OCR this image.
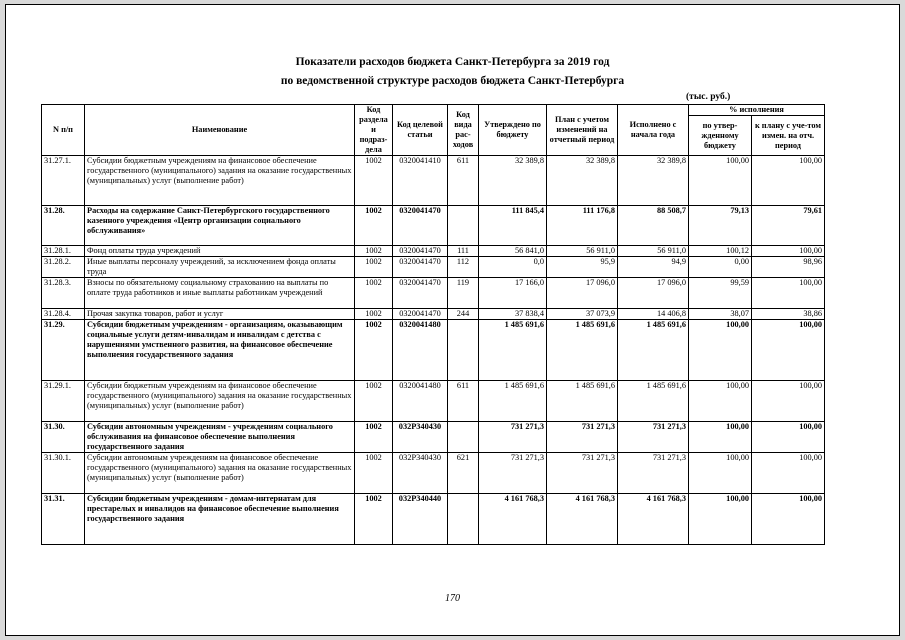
Показатели расходов бюджета Санкт-Петербурга за 2019 год
по ведомственной структуре расходов бюджета Санкт-Петербурга
(тыс. руб.)
N п/п	Наименование	Код раздела и подраз-дела	Код целевой статьи	Код вида рас-ходов	Утверждено по бюджету	План с учетом изменений на отчетный период	Исполнено с начала года	% исполнения	
								по утвер-жденному бюджету	к плану с уче-том измен. на отч. период
31.27.1.	Субсидии бюджетным учреждениям на финансовое обеспечение государственного (муниципального) задания на оказание государственных (муниципальных) услуг (выполнение работ)	1002	0320041410	611	32 389,8	32 389,8	32 389,8	100,00	100,00
31.28.	Расходы на содержание Санкт-Петербургского государственного казенного учреждения «Центр организации социального обслуживания»	1002	0320041470		111 845,4	111 176,8	88 508,7	79,13	79,61
31.28.1.	Фонд оплаты труда учреждений	1002	0320041470	111	56 841,0	56 911,0	56 911,0	100,12	100,00
31.28.2.	Иные выплаты персоналу учреждений, за исключением фонда оплаты труда	1002	0320041470	112	0,0	95,9	94,9	0,00	98,96
31.28.3.	Взносы по обязательному социальному страхованию на выплаты по оплате труда работников и иные выплаты работникам учреждений	1002	0320041470	119	17 166,0	17 096,0	17 096,0	99,59	100,00
31.28.4.	Прочая закупка товаров, работ и услуг	1002	0320041470	244	37 838,4	37 073,9	14 406,8	38,07	38,86
31.29.	Субсидии бюджетным учреждениям - организациям, оказывающим социальные услуги детям-инвалидам и инвалидам с детства с нарушениями умственного развития, на финансовое обеспечение выполнения государственного задания	1002	0320041480		1 485 691,6	1 485 691,6	1 485 691,6	100,00	100,00
31.29.1.	Субсидии бюджетным учреждениям на финансовое обеспечение государственного (муниципального) задания на оказание государственных (муниципальных) услуг (выполнение работ)	1002	0320041480	611	1 485 691,6	1 485 691,6	1 485 691,6	100,00	100,00
31.30.	Субсидии автономным учреждениям - учреждениям социального обслуживания на финансовое обеспечение выполнения государственного задания	1002	032Р340430		731 271,3	731 271,3	731 271,3	100,00	100,00
31.30.1.	Субсидии автономным учреждениям на финансовое обеспечение государственного (муниципального) задания на оказание государственных (муниципальных) услуг (выполнение работ)	1002	032Р340430	621	731 271,3	731 271,3	731 271,3	100,00	100,00
31.31.	Субсидии бюджетным учреждениям - домам-интернатам для престарелых и инвалидов на финансовое обеспечение выполнения государственного задания	1002	032Р340440		4 161 768,3	4 161 768,3	4 161 768,3	100,00	100,00
170
